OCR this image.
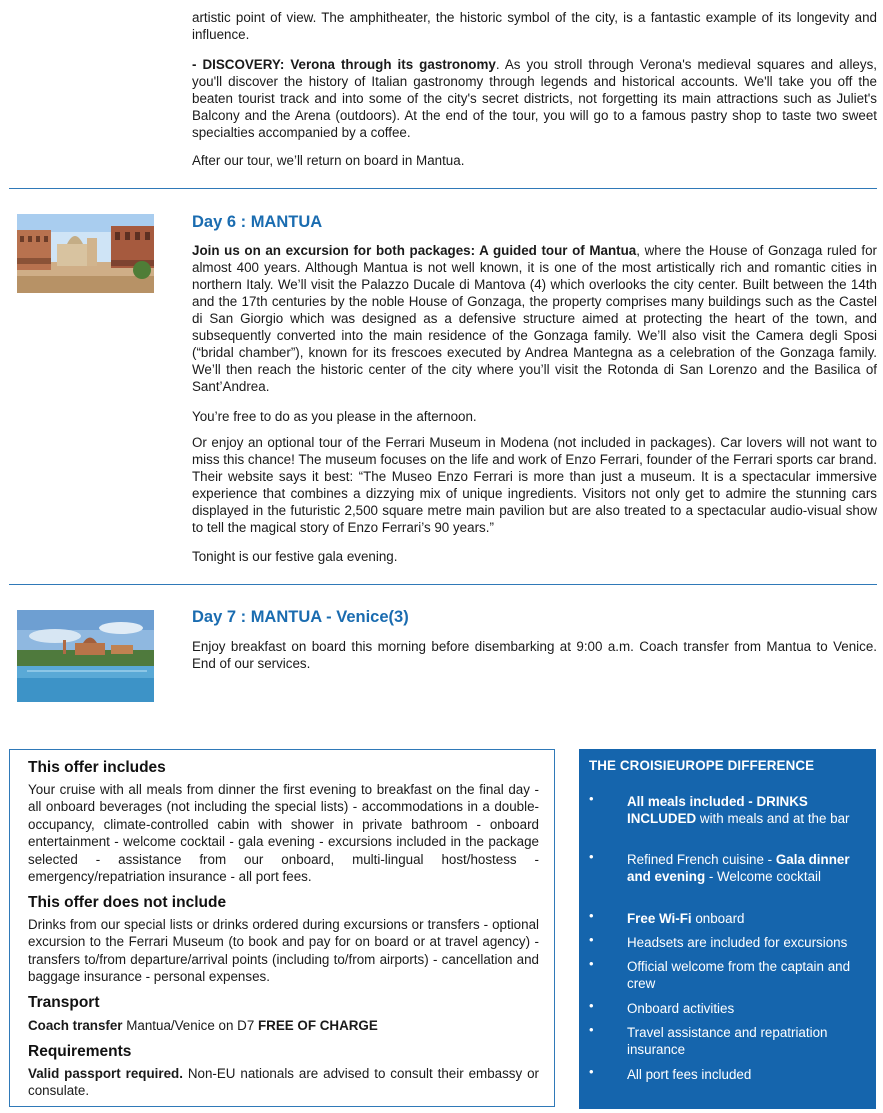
artistic point of view. The amphitheater, the historic symbol of the city, is a fantastic example of its longevity and influence.

- DISCOVERY: Verona through its gastronomy. As you stroll through Verona's medieval squares and alleys, you'll discover the history of Italian gastronomy through legends and historical accounts. We'll take you off the beaten tourist track and into some of the city's secret districts, not forgetting its main attractions such as Juliet's Balcony and the Arena (outdoors). At the end of the tour, you will go to a famous pastry shop to taste two sweet specialties accompanied by a coffee.

After our tour, we’ll return on board in Mantua.

Day 6 : MANTUA

Join us on an excursion for both packages: A guided tour of Mantua, where the House of Gonzaga ruled for almost 400 years. Although Mantua is not well known, it is one of the most artistically rich and romantic cities in northern Italy. We’ll visit the Palazzo Ducale di Mantova (4) which overlooks the city center. Built between the 14th and the 17th centuries by the noble House of Gonzaga, the property comprises many buildings such as the Castel di San Giorgio which was designed as a defensive structure aimed at protecting the heart of the town, and subsequently converted into the main residence of the Gonzaga family. We’ll also visit the Camera degli Sposi (“bridal chamber”), known for its frescoes executed by Andrea Mantegna as a celebration of the Gonzaga family. We’ll then reach the historic center of the city where you’ll visit the Rotonda di San Lorenzo and the Basilica of Sant’Andrea.

You’re free to do as you please in the afternoon.

Or enjoy an optional tour of the Ferrari Museum in Modena (not included in packages). Car lovers will not want to miss this chance! The museum focuses on the life and work of Enzo Ferrari, founder of the Ferrari sports car brand. Their website says it best: “The Museo Enzo Ferrari is more than just a museum. It is a spectacular immersive experience that combines a dizzying mix of unique ingredients. Visitors not only get to admire the stunning cars displayed in the futuristic 2,500 square metre main pavilion but are also treated to a spectacular audio-visual show to tell the magical story of Enzo Ferrari’s 90 years.”

Tonight is our festive gala evening.

Day 7 : MANTUA - Venice(3)

Enjoy breakfast on board this morning before disembarking at 9:00 a.m. Coach transfer from Mantua to Venice. End of our services.

This offer includes

Your cruise with all meals from dinner the first evening to breakfast on the final day - all onboard beverages (not including the special lists) - accommodations in a double-occupancy, climate-controlled cabin with shower in private bathroom - onboard entertainment - welcome cocktail - gala evening - excursions included in the package selected - assistance from our onboard, multi-lingual host/hostess - emergency/repatriation insurance - all port fees.

This offer does not include

Drinks from our special lists or drinks ordered during excursions or transfers - optional excursion to the Ferrari Museum (to book and pay for on board or at travel agency) - transfers to/from departure/arrival points (including to/from airports) - cancellation and baggage insurance - personal expenses.

Transport

Coach transfer Mantua/Venice on D7 FREE OF CHARGE

Requirements

Valid passport required. Non-EU nationals are advised to consult their embassy or consulate.

THE CROISIEUROPE DIFFERENCE
• All meals included - DRINKS INCLUDED with meals and at the bar
• Refined French cuisine - Gala dinner and evening - Welcome cocktail
• Free Wi-Fi onboard
• Headsets are included for excursions
• Official welcome from the captain and crew
• Onboard activities
• Travel assistance and repatriation insurance
• All port fees included
